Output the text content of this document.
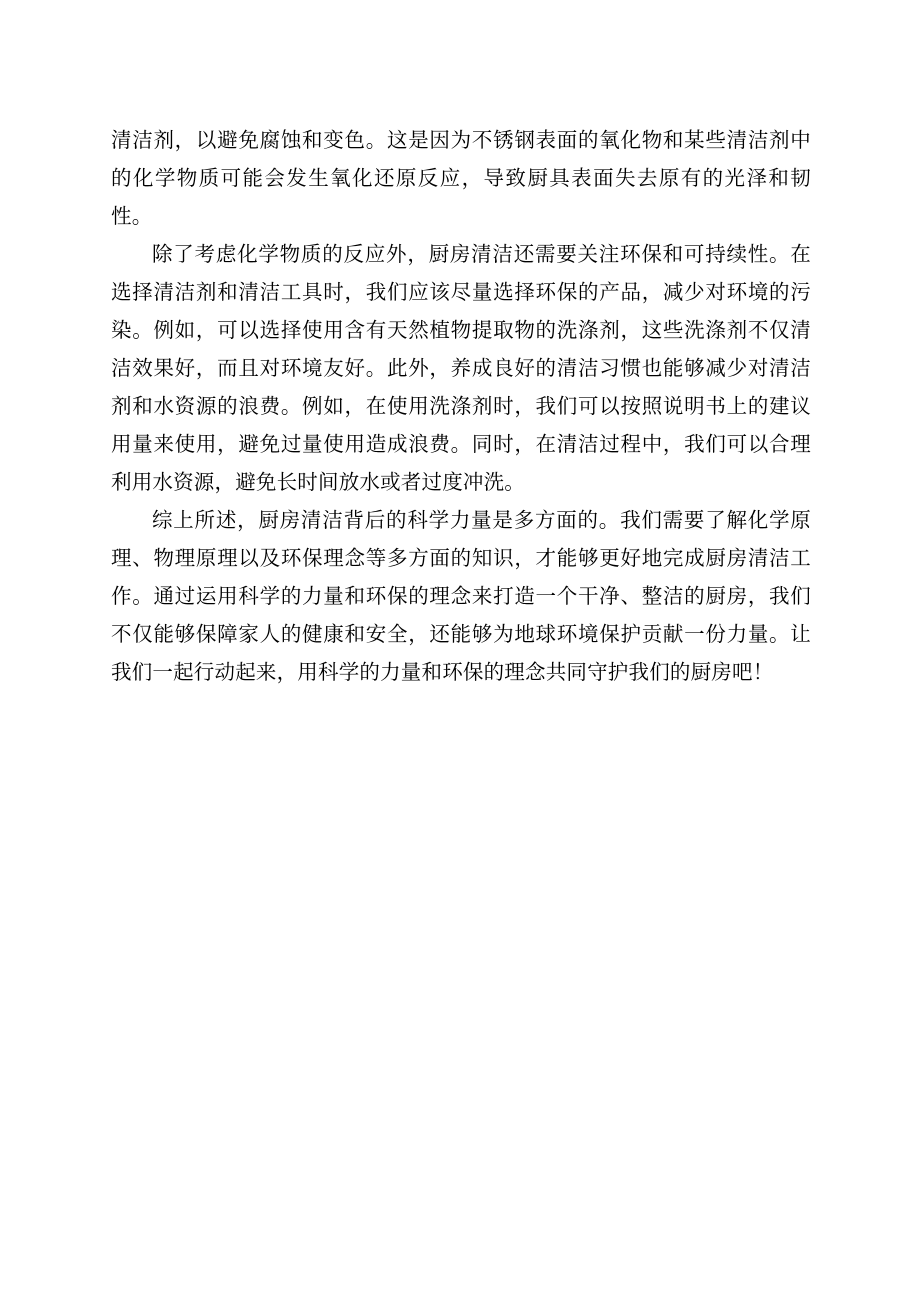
清洁剂，以避免腐蚀和变色。这是因为不锈钢表面的氧化物和某些清洁剂中的化学物质可能会发生氧化还原反应，导致厨具表面失去原有的光泽和韧性。

除了考虑化学物质的反应外，厨房清洁还需要关注环保和可持续性。在选择清洁剂和清洁工具时，我们应该尽量选择环保的产品，减少对环境的污染。例如，可以选择使用含有天然植物提取物的洗涤剂，这些洗涤剂不仅清洁效果好，而且对环境友好。此外，养成良好的清洁习惯也能够减少对清洁剂和水资源的浪费。例如，在使用洗涤剂时，我们可以按照说明书上的建议用量来使用，避免过量使用造成浪费。同时，在清洁过程中，我们可以合理利用水资源，避免长时间放水或者过度冲洗。

综上所述，厨房清洁背后的科学力量是多方面的。我们需要了解化学原理、物理原理以及环保理念等多方面的知识，才能够更好地完成厨房清洁工作。通过运用科学的力量和环保的理念来打造一个干净、整洁的厨房，我们不仅能够保障家人的健康和安全，还能够为地球环境保护贡献一份力量。让我们一起行动起来，用科学的力量和环保的理念共同守护我们的厨房吧！
